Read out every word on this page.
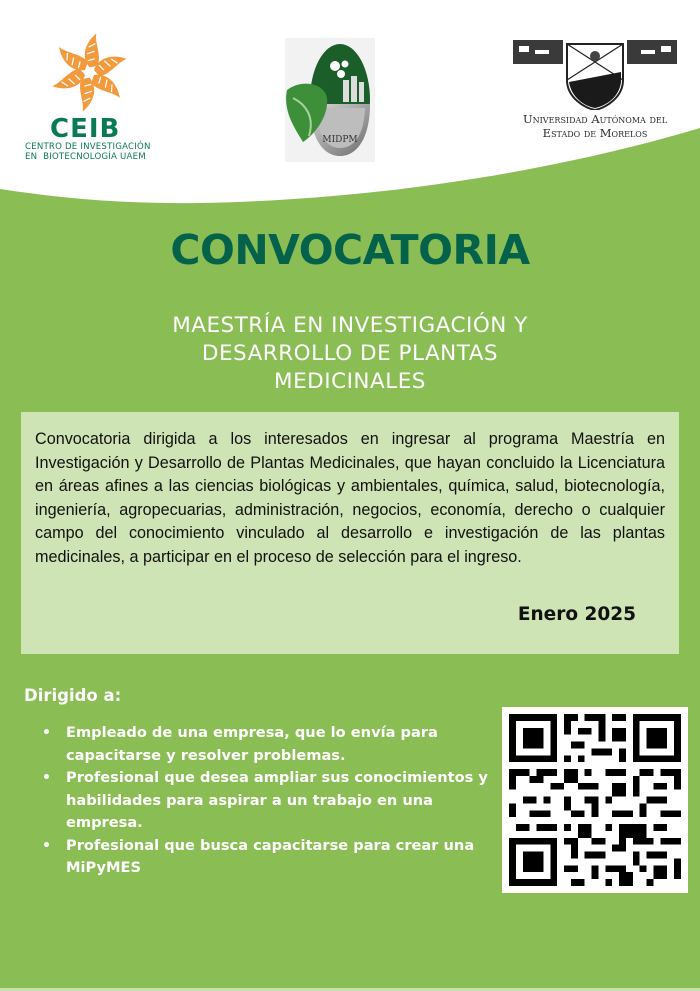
CEIB
CENTRO DE INVESTIGACIÓN
EN  BIOTECNOLOGÍA UAEM
MIDPM
Universidad Autónoma del
Estado de Morelos
CONVOCATORIA
MAESTRÍA EN INVESTIGACIÓN Y
DESARROLLO DE PLANTAS
MEDICINALES

Convocatoria dirigida a los interesados en ingresar al programa Maestría en Investigación y Desarrollo de Plantas Medicinales, que hayan concluido la Licenciatura en áreas afines a las ciencias biológicas y ambientales, química, salud, biotecnología, ingeniería, agropecuarias, administración, negocios, economía, derecho o cualquier campo del conocimiento vinculado al desarrollo e investigación de las plantas medicinales, a participar en el proceso de selección para el ingreso.

Enero 2025
Dirigido a:
• Empleado de una empresa, que lo envía para capacitarse y resolver problemas.
• Profesional que desea ampliar sus conocimientos y habilidades para aspirar a un trabajo en una empresa.
• Profesional que busca capacitarse para crear una MiPyMES
